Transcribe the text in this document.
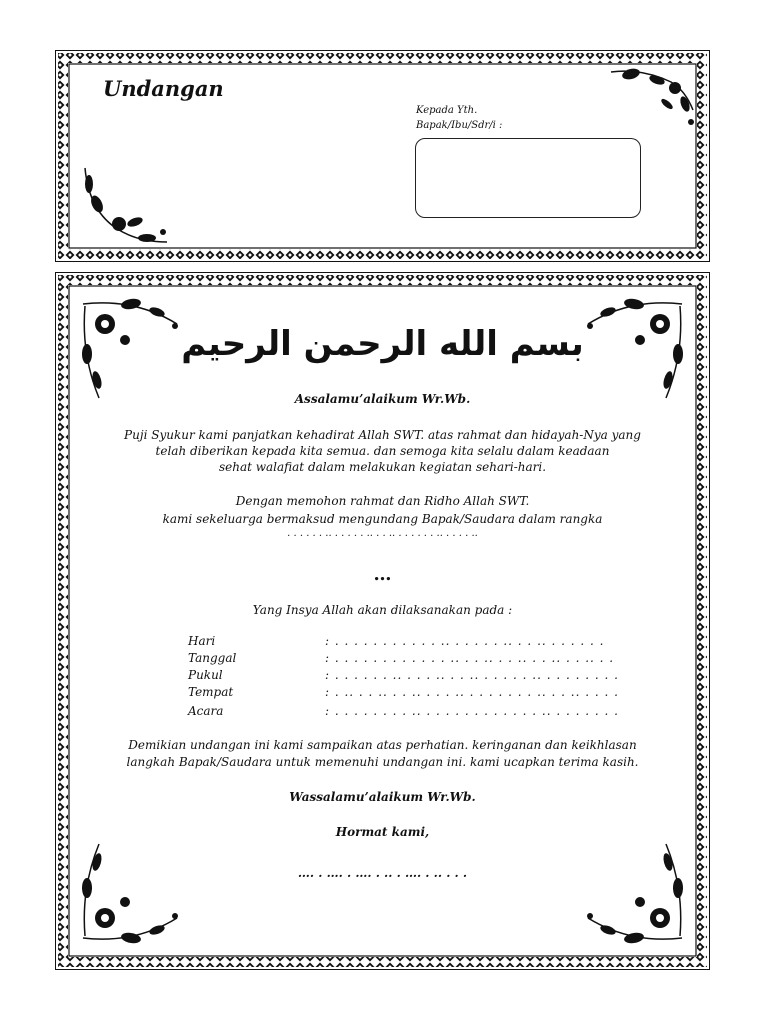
Undangan
Kepada Yth.
Bapak/Ibu/Sdr/i :
بسم الله الرحمن الرحيم
Assalamu’alaikum Wr.Wb.
Puji Syukur kami panjatkan kehadirat Allah SWT. atas rahmat dan hidayah-Nya yang
telah diberikan kepada kita semua. dan semoga kita selalu dalam keadaan
sehat walafiat dalam melakukan kegiatan sehari-hari.
Dengan memohon rahmat dan Ridho Allah SWT.
kami sekeluarga bermaksud mengundang Bapak/Saudara dalam rangka
. . . . . . .. . . . . . .. . . .. . . . . . . .. . . . . ..
…
Yang Insya Allah akan dilaksanakan pada :
Hari	: . . . . . . . . . . . .. . . . . . .. . . .. . . . . . .
Tanggal	: . . . . . . . . . . . . .. . . .. . . .. . . .. . . .. . .
Pukul	: . . . . . . .. . . . .. . . .. . . . . . .. . . . . . . . .
Tempat	: . .. . . .. . . .. . . . .. . . . . . . . .. . . .. . . . .
Acara	: . . . . . . . . .. . . . . . . . . . . . . .. . . . . . . .
Demikian undangan ini kami sampaikan atas perhatian. keringanan dan keikhlasan
langkah Bapak/Saudara untuk memenuhi undangan ini. kami ucapkan terima kasih.
Wassalamu’alaikum Wr.Wb.
Hormat kami,
…. . …. . …. . .. . …. . .. . . .
